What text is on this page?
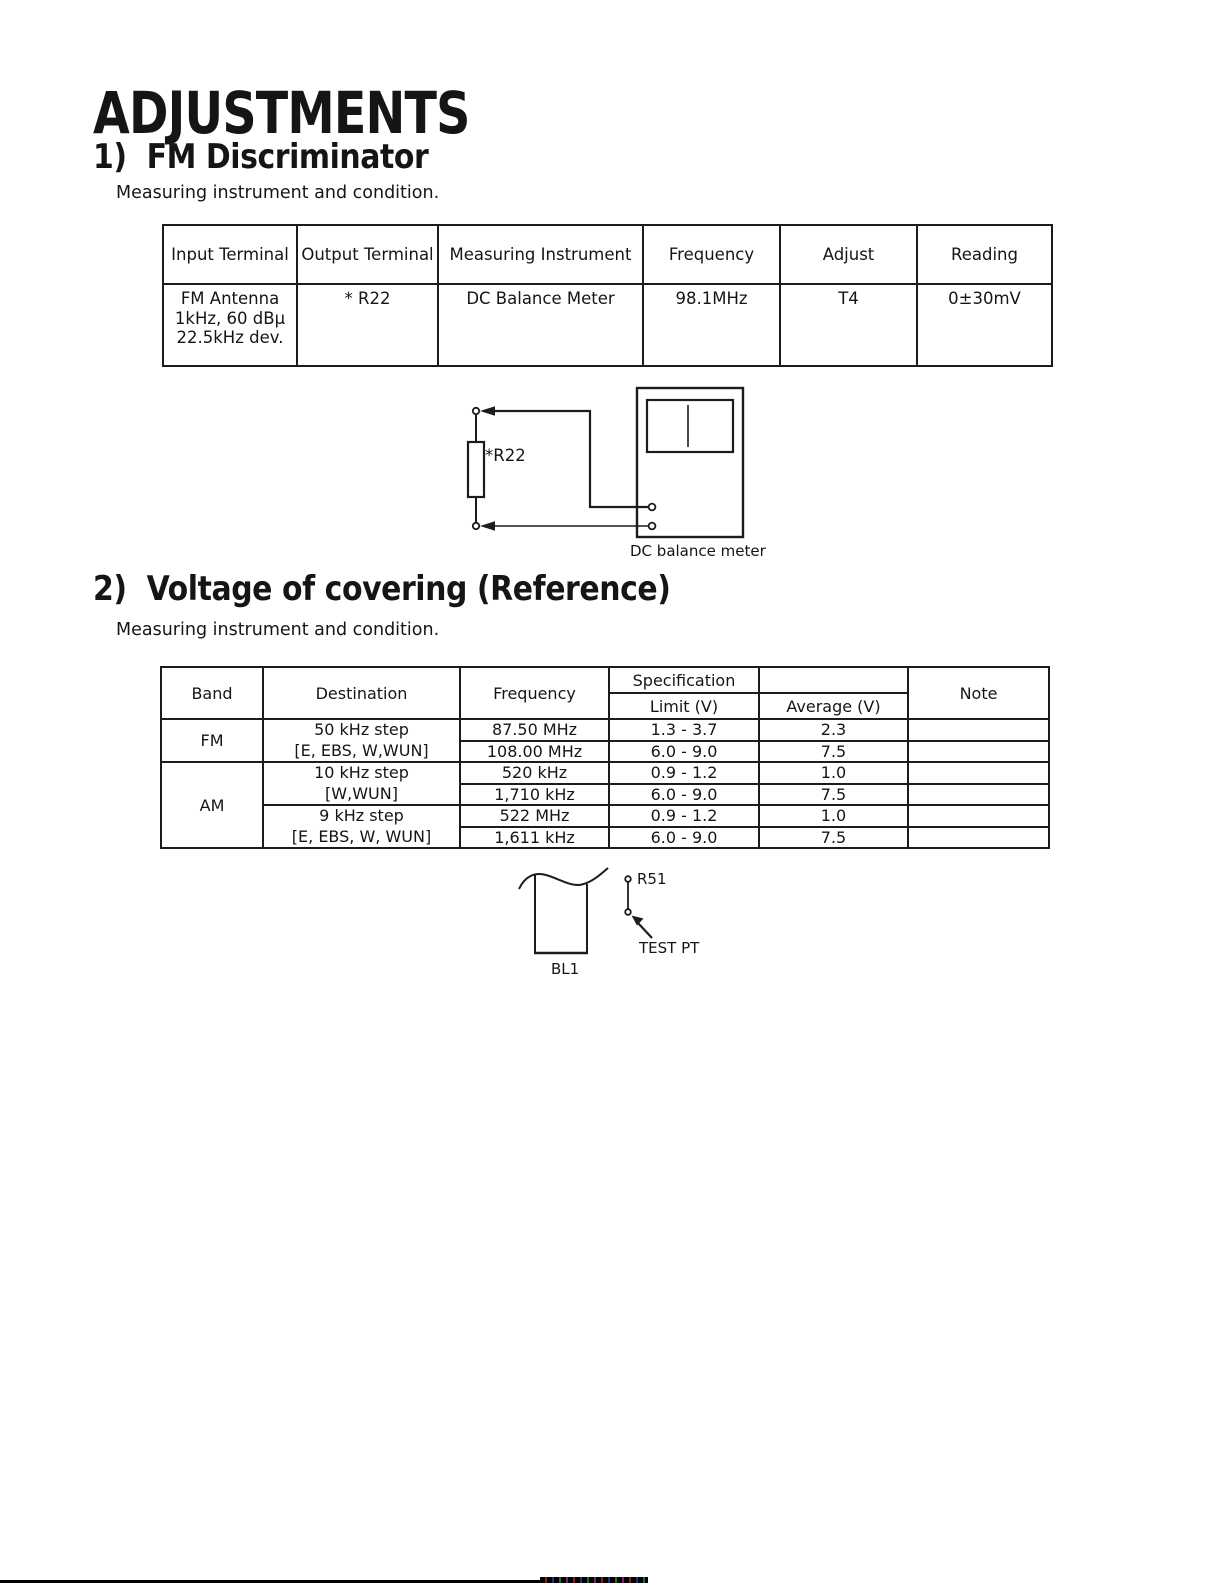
ADJUSTMENTS
1)  FM Discriminator
Measuring instrument and condition.
Input Terminal	Output Terminal	Measuring Instrument	Frequency	Adjust	Reading

FM Antenna
1kHz, 60 dBμ
22.5kHz dev.	* R22	DC Balance Meter	98.1MHz	T4	0±30mV
*R22
DC balance meter
2)  Voltage of covering (Reference)
Measuring instrument and condition.
Band	Destination	Frequency	Specification		Note
			Limit (V)	Average (V)	
FM	50 kHz step
[E, EBS, W,WUN]	87.50 MHz	1.3 - 3.7	2.3	
		108.00 MHz	6.0 - 9.0	7.5	
AM	10 kHz step
[W,WUN]	520 kHz	0.9 - 1.2	1.0	
		1,710 kHz	6.0 - 9.0	7.5	

	9 kHz step
[E, EBS, W, WUN]	522 MHz	0.9 - 1.2	1.0	
		1,611 kHz	6.0 - 9.0	7.5	
BL1
R51
TEST PT
